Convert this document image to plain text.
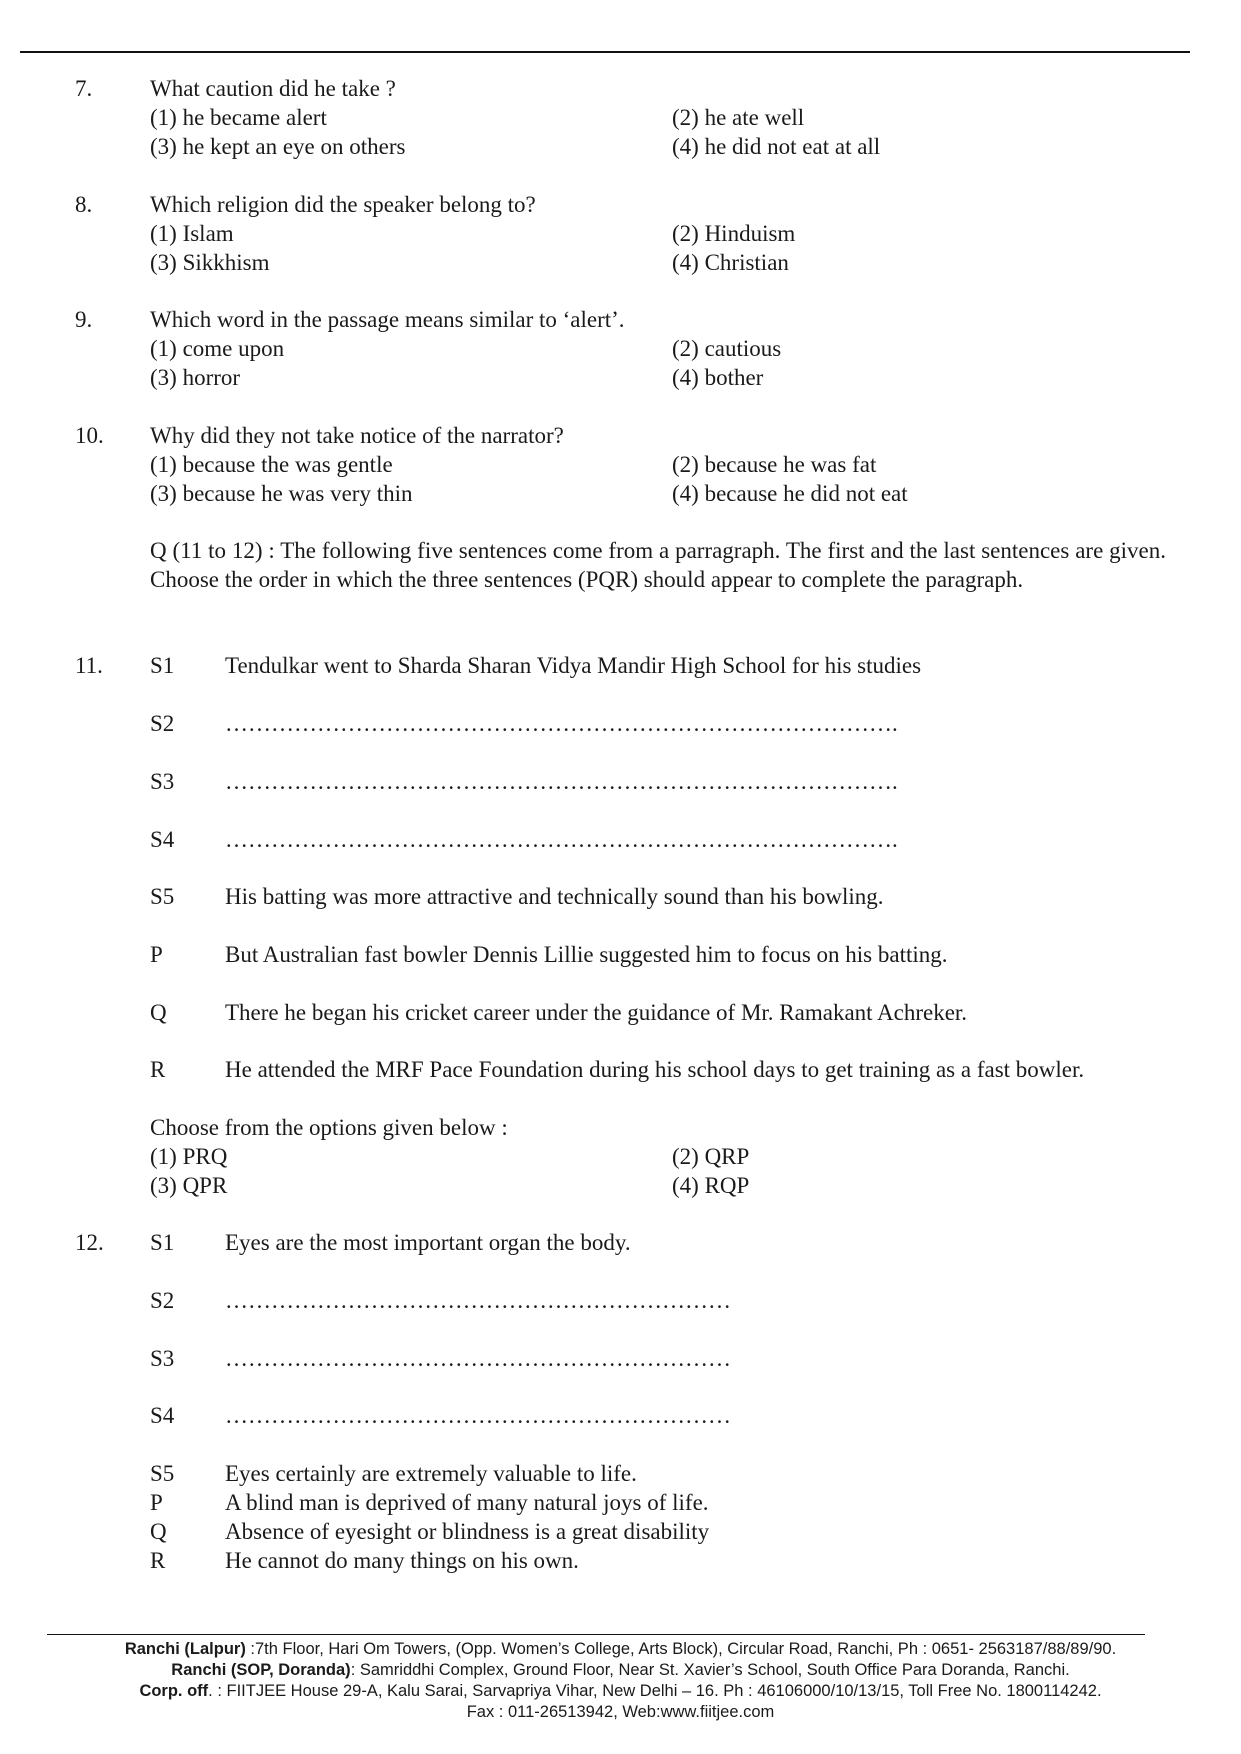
7.	What caution did he take ?
(1) he became alert	(2) he ate well
(3) he kept an eye on others	(4) he did not eat at all
8.	Which religion did the speaker belong to?
(1) Islam	(2) Hinduism
(3) Sikkhism	(4) Christian
9.	Which word in the passage means similar to ‘alert’.
(1) come upon	(2) cautious
(3) horror	(4) bother
10. Why did they not take notice of the narrator?
(1) because the was gentle	(2) because he was fat
(3) because he was very thin	(4) because he did not eat
Q (11 to 12) : The following five sentences come from a parragraph. The first and the last sentences are given. Choose the order in which the three sentences (PQR) should appear to complete the paragraph.
11. S1 Tendulkar went to Sharda Sharan Vidya Mandir High School for his studies
S2 …………………………………………………………………………….
S3 …………………………………………………………………………….
S4 …………………………………………………………………………….
S5 His batting was more attractive and technically sound than his bowling.
P	But Australian fast bowler Dennis Lillie suggested him to focus on his batting.
Q	There he began his cricket career under the guidance of Mr. Ramakant Achreker.
R	He attended the MRF Pace Foundation during his school days to get training as a fast bowler.
Choose from the options given below :
(1) PRQ	(2) QRP
(3) QPR	(4) RQP
12. S1 Eyes are the most important organ the body.
S2 …………………………………………………………
S3 …………………………………………………………
S4 …………………………………………………………
S5 Eyes certainly are extremely valuable to life.
P	A blind man is deprived of many natural joys of life.
Q	Absence of eyesight or blindness is a great disability
R	He cannot do many things on his own.
Ranchi (Lalpur) :7th Floor, Hari Om Towers, (Opp. Women’s College, Arts Block), Circular Road, Ranchi, Ph : 0651- 2563187/88/89/90.
Ranchi (SOP, Doranda): Samriddhi Complex, Ground Floor, Near St. Xavier’s School, South Office Para Doranda, Ranchi.
Corp. off. : FIITJEE House 29-A, Kalu Sarai, Sarvapriya Vihar, New Delhi – 16. Ph : 46106000/10/13/15, Toll Free No. 1800114242.
Fax : 011-26513942, Web:www.fiitjee.com
